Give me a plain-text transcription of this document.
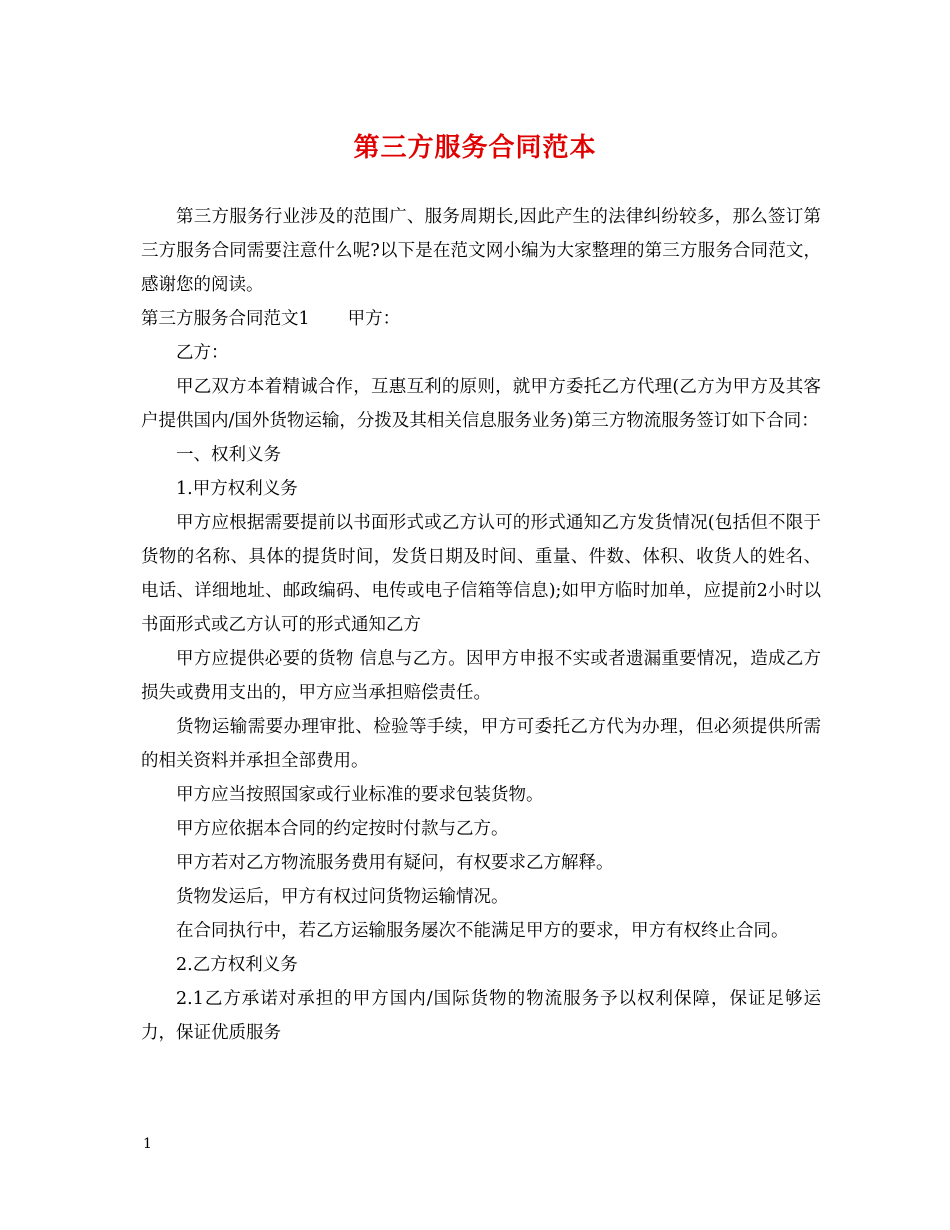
第三方服务合同范本

第三方服务行业涉及的范围广、服务周期长,因此产生的法律纠纷较多，那么签订第三方服务合同需要注意什么呢?以下是在范文网小编为大家整理的第三方服务合同范文，感谢您的阅读。

第三方服务合同范文1 甲方：

乙方：

甲乙双方本着精诚合作，互惠互利的原则，就甲方委托乙方代理(乙方为甲方及其客户提供国内/国外货物运输，分拨及其相关信息服务业务)第三方物流服务签订如下合同：

一、权利义务

1.甲方权利义务

甲方应根据需要提前以书面形式或乙方认可的形式通知乙方发货情况(包括但不限于货物的名称、具体的提货时间，发货日期及时间、重量、件数、体积、收货人的姓名、电话、详细地址、邮政编码、电传或电子信箱等信息);如甲方临时加单，应提前2小时以书面形式或乙方认可的形式通知乙方

甲方应提供必要的货物 信息与乙方。因甲方申报不实或者遗漏重要情况，造成乙方损失或费用支出的，甲方应当承担赔偿责任。

货物运输需要办理审批、检验等手续，甲方可委托乙方代为办理，但必须提供所需的相关资料并承担全部费用。

甲方应当按照国家或行业标准的要求包装货物。

甲方应依据本合同的约定按时付款与乙方。

甲方若对乙方物流服务费用有疑问，有权要求乙方解释。

货物发运后，甲方有权过问货物运输情况。

在合同执行中，若乙方运输服务屡次不能满足甲方的要求，甲方有权终止合同。

2.乙方权利义务

2.1乙方承诺对承担的甲方国内/国际货物的物流服务予以权利保障，保证足够运力，保证优质服务

1
